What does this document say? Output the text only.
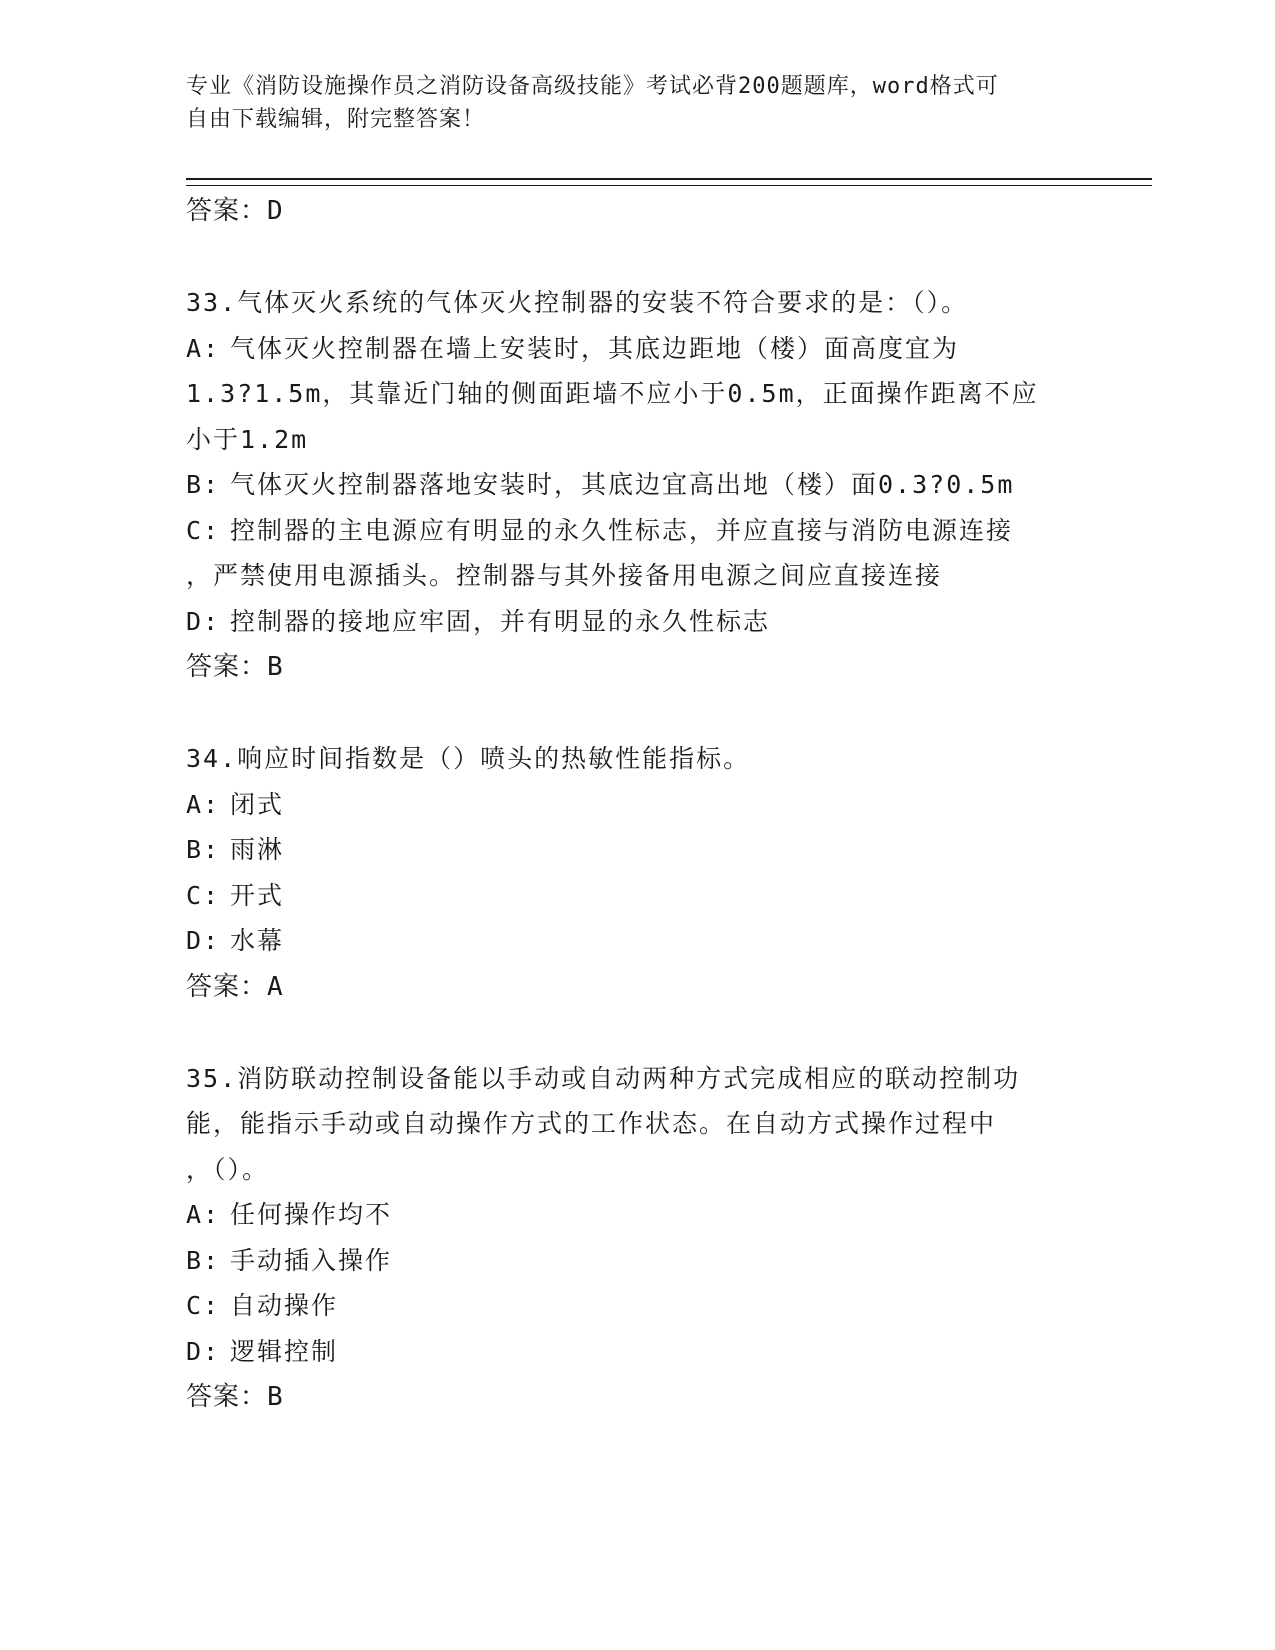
专业《消防设施操作员之消防设备高级技能》考试必背200题题库，word格式可
自由下载编辑，附完整答案！
答案：D
33.气体灭火系统的气体灭火控制器的安装不符合要求的是：（）。
A: 气体灭火控制器在墙上安装时，其底边距地（楼）面高度宜为
1.3?1.5m，其靠近门轴的侧面距墙不应小于0.5m，正面操作距离不应
小于1.2m
B: 气体灭火控制器落地安装时，其底边宜高出地（楼）面0.3?0.5m
C: 控制器的主电源应有明显的永久性标志，并应直接与消防电源连接
，严禁使用电源插头。控制器与其外接备用电源之间应直接连接
D: 控制器的接地应牢固，并有明显的永久性标志
答案：B
34.响应时间指数是（）喷头的热敏性能指标。
A: 闭式
B: 雨淋
C: 开式
D: 水幕
答案：A
35.消防联动控制设备能以手动或自动两种方式完成相应的联动控制功
能，能指示手动或自动操作方式的工作状态。在自动方式操作过程中
，（）。
A: 任何操作均不
B: 手动插入操作
C: 自动操作
D: 逻辑控制
答案：B
